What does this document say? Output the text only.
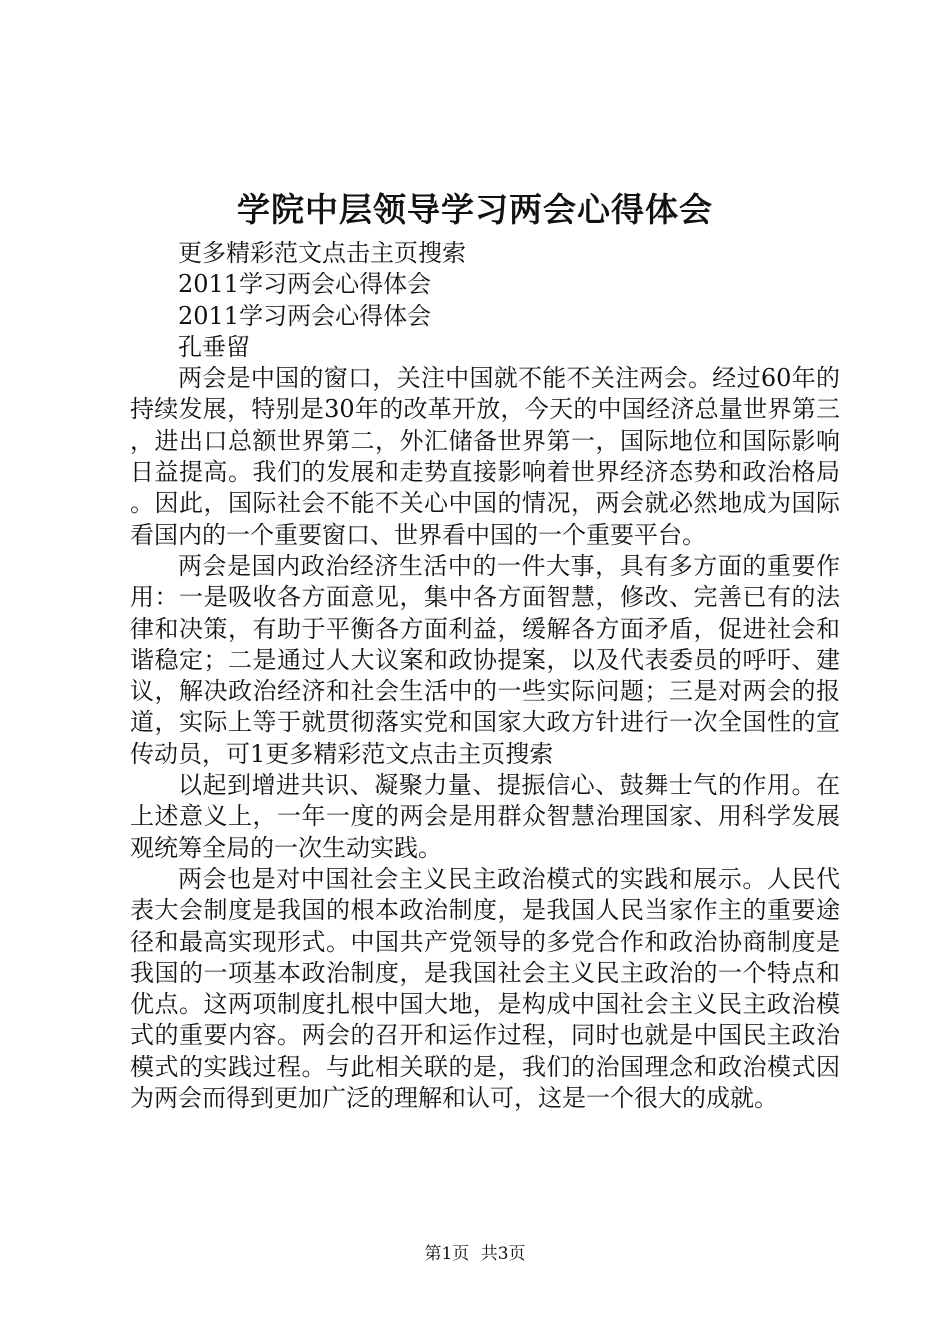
学院中层领导学习两会心得体会

更多精彩范文点击主页搜索

2011学习两会心得体会

2011学习两会心得体会

孔垂留

两会是中国的窗口，关注中国就不能不关注两会。经过60年的持续发展，特别是30年的改革开放，今天的中国经济总量世界第三，进出口总额世界第二，外汇储备世界第一，国际地位和国际影响日益提高。我们的发展和走势直接影响着世界经济态势和政治格局。因此，国际社会不能不关心中国的情况，两会就必然地成为国际看国内的一个重要窗口、世界看中国的一个重要平台。

两会是国内政治经济生活中的一件大事，具有多方面的重要作用：一是吸收各方面意见，集中各方面智慧，修改、完善已有的法律和决策，有助于平衡各方面利益，缓解各方面矛盾，促进社会和谐稳定；二是通过人大议案和政协提案，以及代表委员的呼吁、建议，解决政治经济和社会生活中的一些实际问题；三是对两会的报道，实际上等于就贯彻落实党和国家大政方针进行一次全国性的宣传动员，可1更多精彩范文点击主页搜索

以起到增进共识、凝聚力量、提振信心、鼓舞士气的作用。在上述意义上，一年一度的两会是用群众智慧治理国家、用科学发展观统筹全局的一次生动实践。

两会也是对中国社会主义民主政治模式的实践和展示。人民代表大会制度是我国的根本政治制度，是我国人民当家作主的重要途径和最高实现形式。中国共产党领导的多党合作和政治协商制度是我国的一项基本政治制度，是我国社会主义民主政治的一个特点和优点。这两项制度扎根中国大地，是构成中国社会主义民主政治模式的重要内容。两会的召开和运作过程，同时也就是中国民主政治模式的实践过程。与此相关联的是，我们的治国理念和政治模式因为两会而得到更加广泛的理解和认可，这是一个很大的成就。

第1页 共3页
